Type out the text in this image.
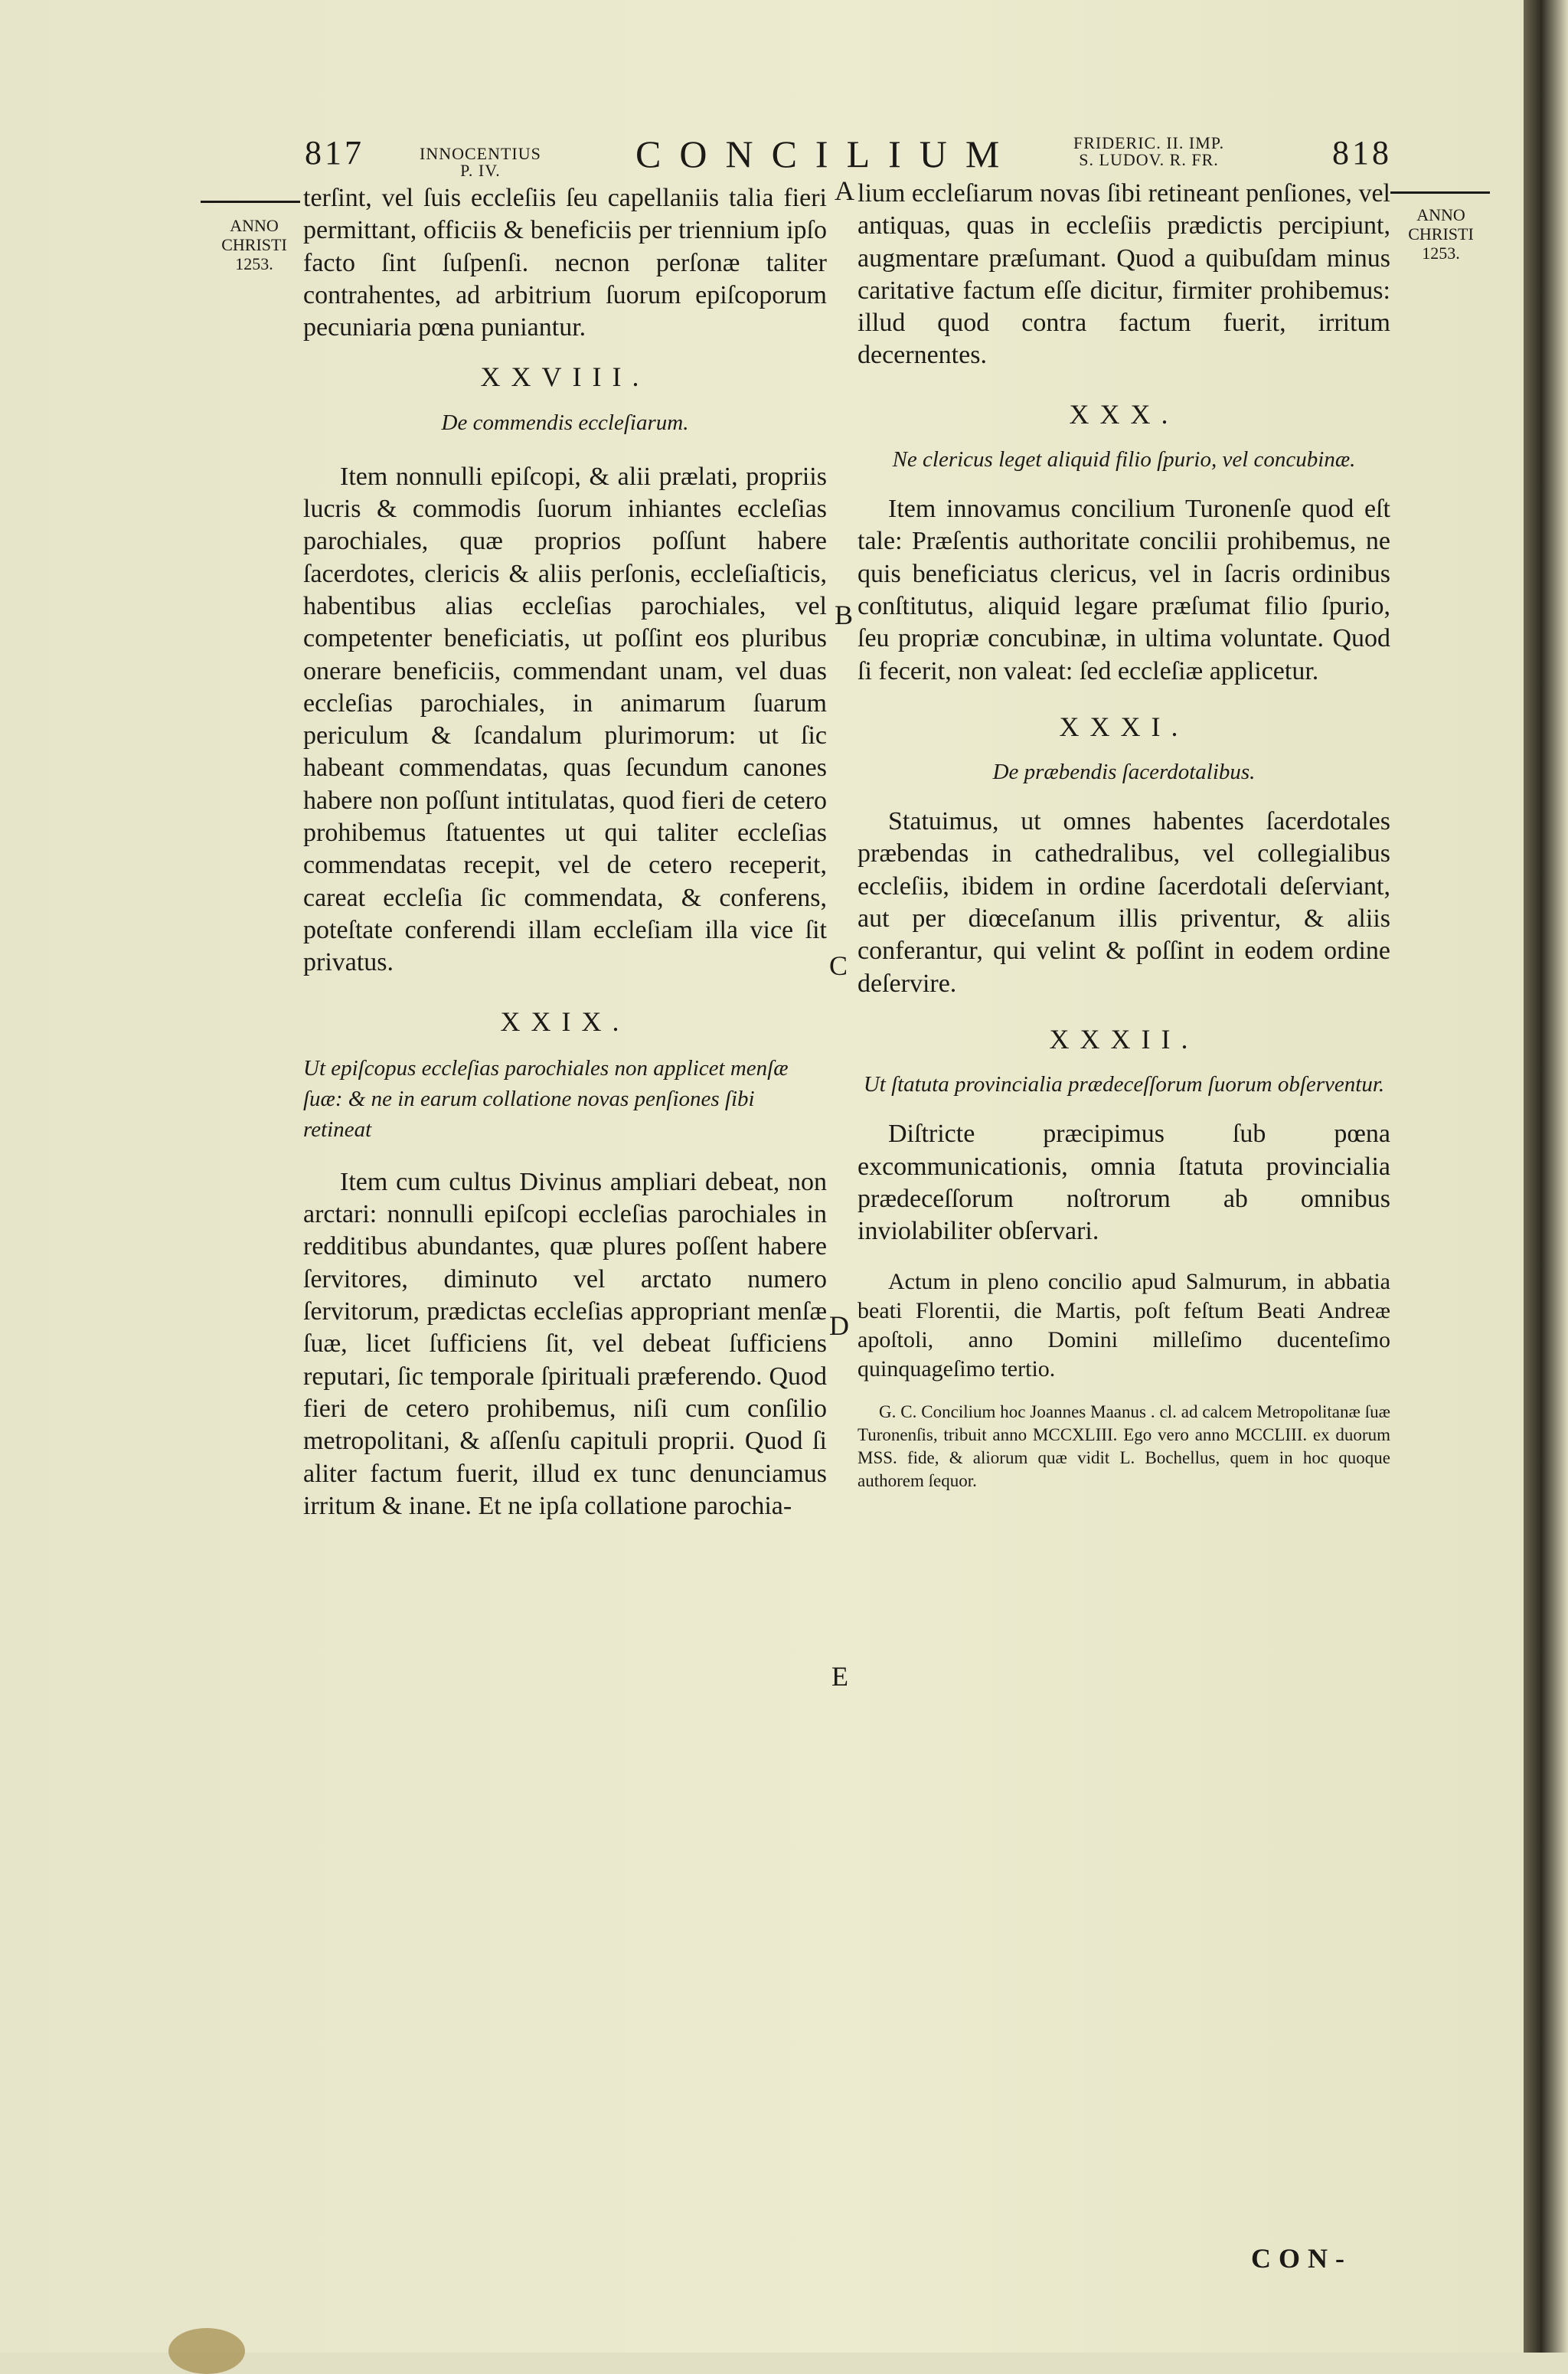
817	INNOCENTIUS
P. IV.	CONCILIUM	FRIDERIC. II. IMP.
S. LUDOV. R. FR.	818
ANNO
CHRISTI
1253.
ANNO
CHRISTI
1253.
A
B
C
D
E

terſint, vel ſuis eccleſiis ſeu capellaniis talia fieri permittant, officiis & beneficiis per triennium ipſo facto ſint ſuſpenſi. necnon perſonæ taliter contrahentes, ad arbitrium ſuorum epiſcoporum pecuniaria pœna puniantur.

XXVIII.

De commendis eccleſiarum.

Item nonnulli epiſcopi, & alii prælati, propriis lucris & commodis ſuorum inhiantes eccleſias parochiales, quæ proprios poſſunt habere ſacerdotes, clericis & aliis perſonis, eccleſiaſticis, habentibus alias eccleſias parochiales, vel competenter beneficiatis, ut poſſint eos pluribus onerare beneficiis, commendant unam, vel duas eccleſias parochiales, in animarum ſuarum periculum & ſcandalum plurimorum: ut ſic habeant commendatas, quas ſecundum canones habere non poſſunt intitulatas, quod fieri de cetero prohibemus ſtatuentes ut qui taliter eccleſias commendatas recepit, vel de cetero receperit, careat eccleſia ſic commendata, & conferens, poteſtate conferendi illam eccleſiam illa vice ſit privatus.

XXIX.

Ut epiſcopus eccleſias parochiales non applicet menſæ ſuæ: & ne in earum collatione novas penſiones ſibi retineat

Item cum cultus Divinus ampliari debeat, non arctari: nonnulli epiſcopi eccleſias parochiales in redditibus abundantes, quæ plures poſſent habere ſervitores, diminuto vel arctato numero ſervitorum, prædictas eccleſias appropriant menſæ ſuæ, licet ſufficiens ſit, vel debeat ſufficiens reputari, ſic temporale ſpirituali præferendo. Quod fieri de cetero prohibemus, niſi cum conſilio metropolitani, & aſſenſu capituli proprii. Quod ſi aliter factum fuerit, illud ex tunc denunciamus irritum & inane. Et ne ipſa collatione parochia-

lium eccleſiarum novas ſibi retineant penſiones, vel antiquas, quas in eccleſiis prædictis percipiunt, augmentare præſumant. Quod a quibuſdam minus caritative factum eſſe dicitur, firmiter prohibemus: illud quod contra factum fuerit, irritum decernentes.

XXX.

Ne clericus leget aliquid filio ſpurio, vel concubinæ.

Item innovamus concilium Turonenſe quod eſt tale: Præſentis authoritate concilii prohibemus, ne quis beneficiatus clericus, vel in ſacris ordinibus conſtitutus, aliquid legare præſumat filio ſpurio, ſeu propriæ concubinæ, in ultima voluntate. Quod ſi fecerit, non valeat: ſed eccleſiæ applicetur.

XXXI.

De præbendis ſacerdotalibus.

Statuimus, ut omnes habentes ſacerdotales præbendas in cathedralibus, vel collegialibus eccleſiis, ibidem in ordine ſacerdotali deſerviant, aut per diœceſanum illis priventur, & aliis conferantur, qui velint & poſſint in eodem ordine deſervire.

XXXII.

Ut ſtatuta provincialia prædeceſſorum ſuorum obſerventur.

Diſtricte præcipimus ſub pœna excommunicationis, omnia ſtatuta provincialia prædeceſſorum noſtrorum ab omnibus inviolabiliter obſervari.

Actum in pleno concilio apud Salmurum, in abbatia beati Florentii, die Martis, poſt feſtum Beati Andreæ apoſtoli, anno Domini milleſimo ducenteſimo quinquageſimo tertio.

G. C. Concilium hoc Joannes Maanus . cl. ad calcem Metropolitanæ ſuæ Turonenſis, tribuit anno MCCXLIII. Ego vero anno MCCLIII. ex duorum MSS. fide, & aliorum quæ vidit L. Bochellus, quem in hoc quoque authorem ſequor.

CON-
